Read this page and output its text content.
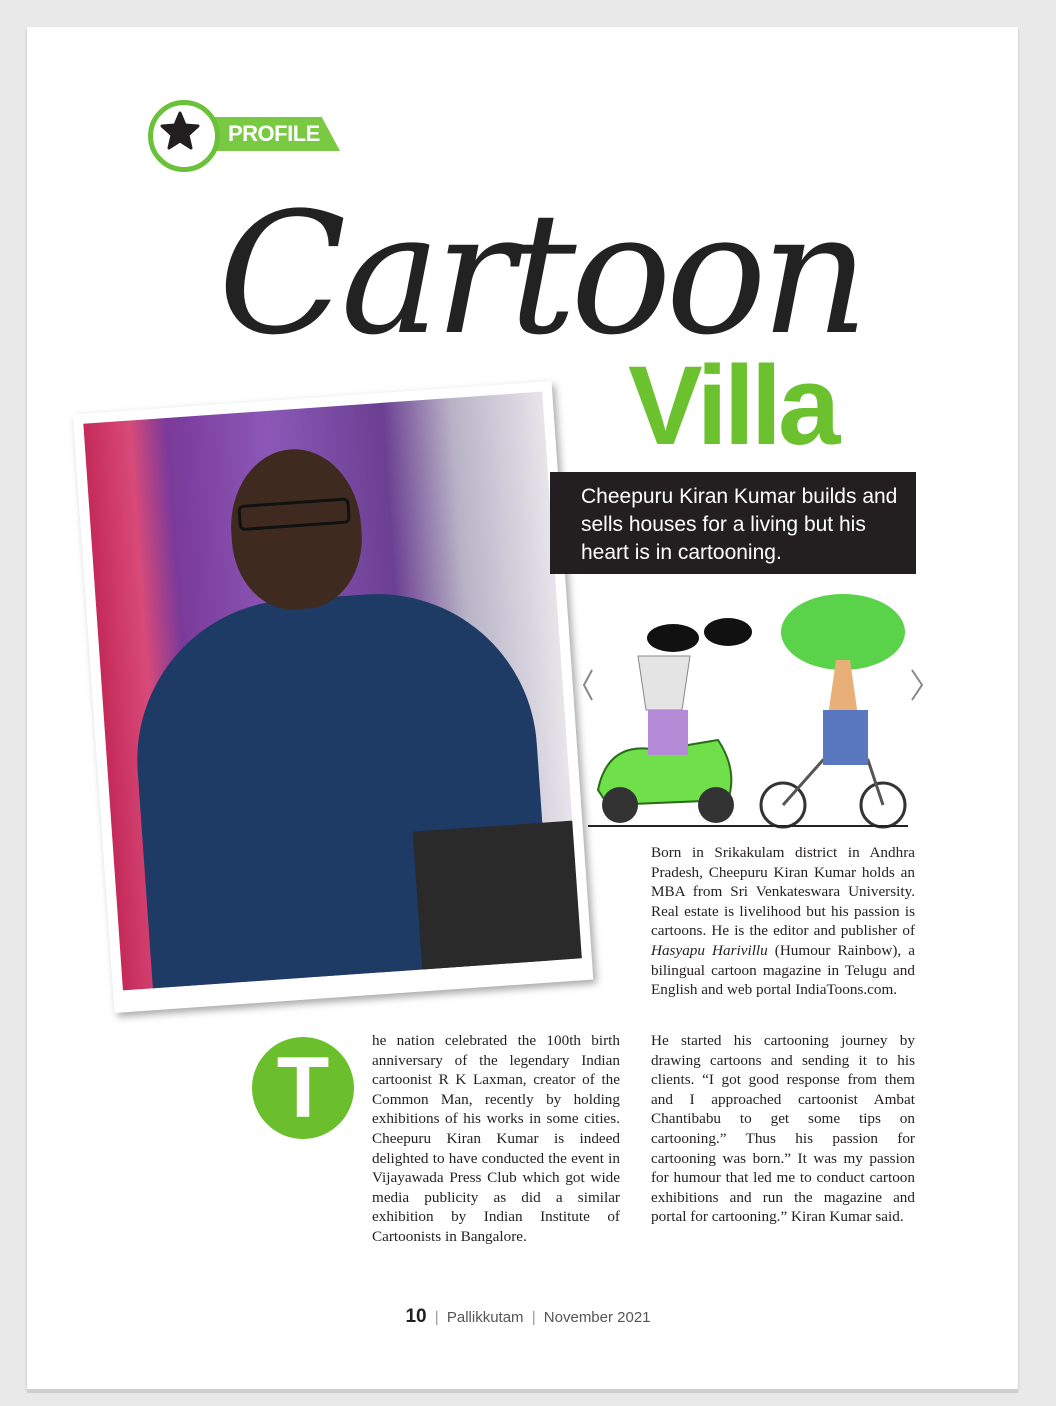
PROFILE
Cartoon
Villa
Cheepuru Kiran Kumar builds and sells houses for a living but his heart is in cartooning.
Born in Srikakulam district in Andhra Pradesh, Cheepuru Kiran Kumar holds an MBA from Sri Venkateswara University. Real estate is livelihood but his passion is cartoons. He is the editor and publisher of Hasyapu Harivillu (Humour Rainbow), a bilingual cartoon magazine in Telugu and English and web portal IndiaToons.com.
T	he nation celebrated the 100th birth anniversary of the legendary Indian cartoonist R K Laxman, creator of the Common Man, recently by holding exhibitions of his works in some cities. Cheepuru Kiran Kumar is indeed delighted to have conducted the event in Vijayawada Press Club which got wide media publicity as did a similar exhibition by Indian Institute of Cartoonists in Bangalore.
He started his cartooning journey by drawing cartoons and sending it to his clients. “I got good response from them and I approached cartoonist Ambat Chantibabu to get some tips on cartooning.” Thus his passion for cartooning was born.” It was my passion for humour that led me to conduct cartoon exhibitions and run the magazine and portal for cartooning.” Kiran Kumar said.
10 | Pallikkutam | November 2021
